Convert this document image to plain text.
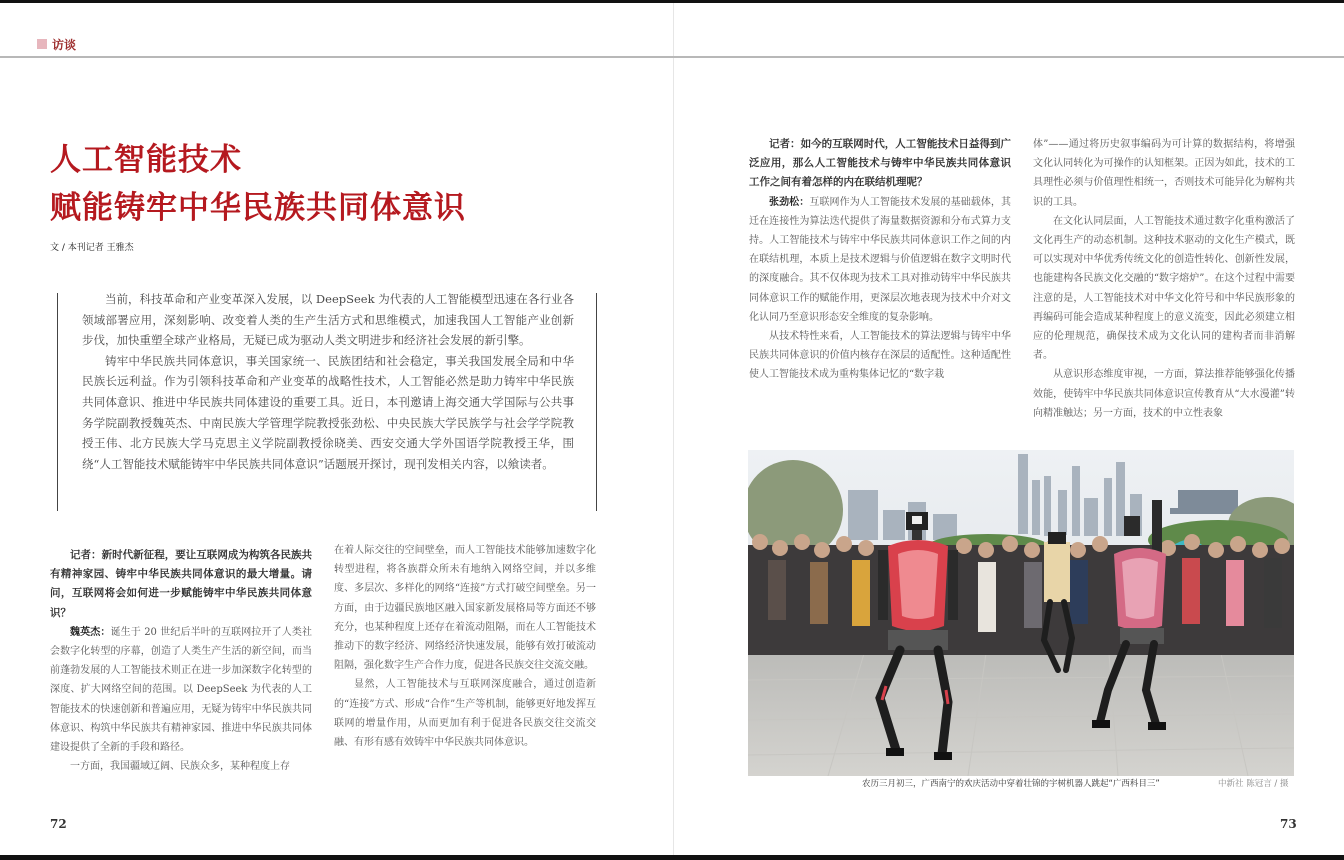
访谈
人工智能技术
赋能铸牢中华民族共同体意识
文 / 本刊记者 王雅杰

当前，科技革命和产业变革深入发展，以 DeepSeek 为代表的人工智能模型迅速在各行业各领域部署应用，深刻影响、改变着人类的生产生活方式和思维模式，加速我国人工智能产业创新步伐，加快重塑全球产业格局，无疑已成为驱动人类文明进步和经济社会发展的新引擎。

铸牢中华民族共同体意识，事关国家统一、民族团结和社会稳定，事关我国发展全局和中华民族长远利益。作为引领科技革命和产业变革的战略性技术，人工智能必然是助力铸牢中华民族共同体意识、推进中华民族共同体建设的重要工具。近日，本刊邀请上海交通大学国际与公共事务学院副教授魏英杰、中南民族大学管理学院教授张劲松、中央民族大学民族学与社会学学院教授王伟、北方民族大学马克思主义学院副教授徐晓美、西安交通大学外国语学院教授王华，围绕“人工智能技术赋能铸牢中华民族共同体意识”话题展开探讨，现刊发相关内容，以飨读者。

记者：新时代新征程，要让互联网成为构筑各民族共有精神家园、铸牢中华民族共同体意识的最大增量。请问，互联网将会如何进一步赋能铸牢中华民族共同体意识？

魏英杰：诞生于 20 世纪后半叶的互联网拉开了人类社会数字化转型的序幕，创造了人类生产生活的新空间，而当前蓬勃发展的人工智能技术则正在进一步加深数字化转型的深度、扩大网络空间的范围。以 DeepSeek 为代表的人工智能技术的快速创新和普遍应用，无疑为铸牢中华民族共同体意识、构筑中华民族共有精神家园、推进中华民族共同体建设提供了全新的手段和路径。

一方面，我国疆域辽阔、民族众多，某种程度上存

在着人际交往的空间壁垒，而人工智能技术能够加速数字化转型进程，将各族群众所未有地纳入网络空间，并以多维度、多层次、多样化的网络“连接”方式打破空间壁垒。另一方面，由于边疆民族地区融入国家新发展格局等方面还不够充分，也某种程度上还存在着流动阻隔，而在人工智能技术推动下的数字经济、网络经济快速发展，能够有效打破流动阻隔，强化数字生产合作力度，促进各民族交往交流交融。

显然，人工智能技术与互联网深度融合，通过创造新的“连接”方式、形成“合作”生产等机制，能够更好地发挥互联网的增量作用，从而更加有利于促进各民族交往交流交融、有形有感有效铸牢中华民族共同体意识。

记者：如今的互联网时代，人工智能技术日益得到广泛应用，那么人工智能技术与铸牢中华民族共同体意识工作之间有着怎样的内在联结机理呢？

张劲松：互联网作为人工智能技术发展的基础载体，其迁在连接性为算法迭代提供了海量数据资源和分布式算力支持。人工智能技术与铸牢中华民族共同体意识工作之间的内在联结机理，本质上是技术逻辑与价值逻辑在数字文明时代的深度融合。其不仅体现为技术工具对推动铸牢中华民族共同体意识工作的赋能作用，更深层次地表现为技术中介对文化认同乃至意识形态安全维度的复杂影响。

从技术特性来看，人工智能技术的算法逻辑与铸牢中华民族共同体意识的价值内核存在深层的适配性。这种适配性使人工智能技术成为重构集体记忆的“数字栽

体”——通过将历史叙事编码为可计算的数据结构，将增强文化认同转化为可操作的认知框架。正因为如此，技术的工具理性必须与价值理性相统一，否则技术可能异化为解构共识的工具。

在文化认同层面，人工智能技术通过数字化重构激活了文化再生产的动态机制。这种技术驱动的文化生产模式，既可以实现对中华优秀传统文化的创造性转化、创新性发展，也能建构各民族文化交融的“数字熔炉”。在这个过程中需要注意的是，人工智能技术对中华文化符号和中华民族形象的再编码可能会造成某种程度上的意义流变，因此必须建立相应的伦理规范，确保技术成为文化认同的建构者而非消解者。

从意识形态维度审视，一方面，算法推荐能够强化传播效能，使铸牢中华民族共同体意识宣传教育从“大水漫灌”转向精准触达；另一方面，技术的中立性表象

农历三月初三，广西南宁的欢庆活动中穿着壮锦的宇树机器人跳起“广西科目三”	中新社 陈冠言 / 摄
72	73
